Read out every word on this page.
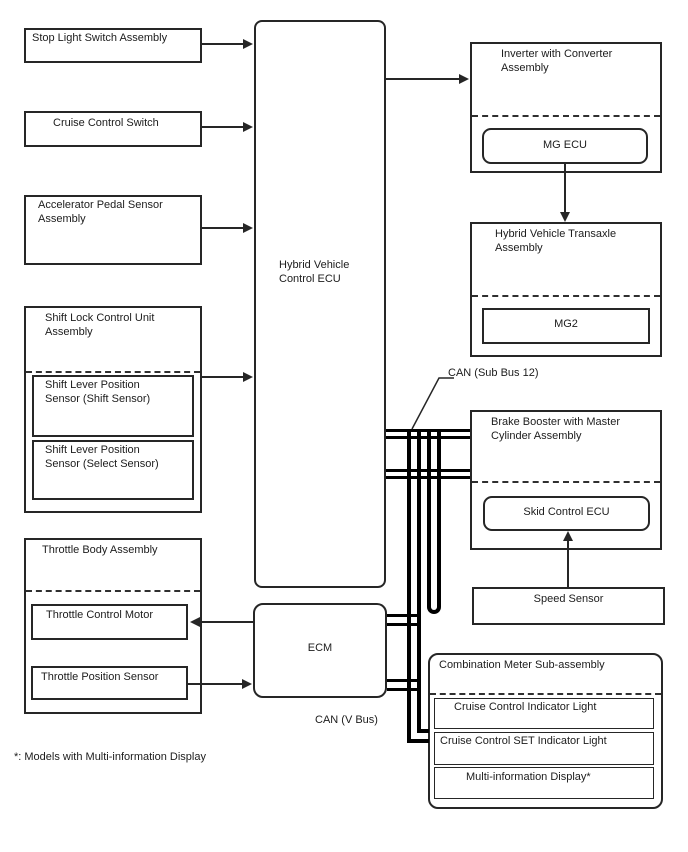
Stop Light Switch Assembly
Cruise Control Switch
Accelerator Pedal Sensor Assembly
Shift Lock Control Unit Assembly
Shift Lever Position Sensor (Shift Sensor)
Shift Lever Position Sensor (Select Sensor)
Throttle Body Assembly
Throttle Control Motor
Throttle Position Sensor
Hybrid Vehicle Control ECU
ECM
Inverter with Converter Assembly
MG ECU
Hybrid Vehicle Transaxle Assembly
MG2
Brake Booster with Master Cylinder Assembly
Skid Control ECU
Speed Sensor
Combination Meter Sub-assembly
Cruise Control Indicator Light
Cruise Control SET Indicator Light
Multi-information Display*
CAN (Sub Bus 12)
CAN (V Bus)
*: Models with Multi-information Display
